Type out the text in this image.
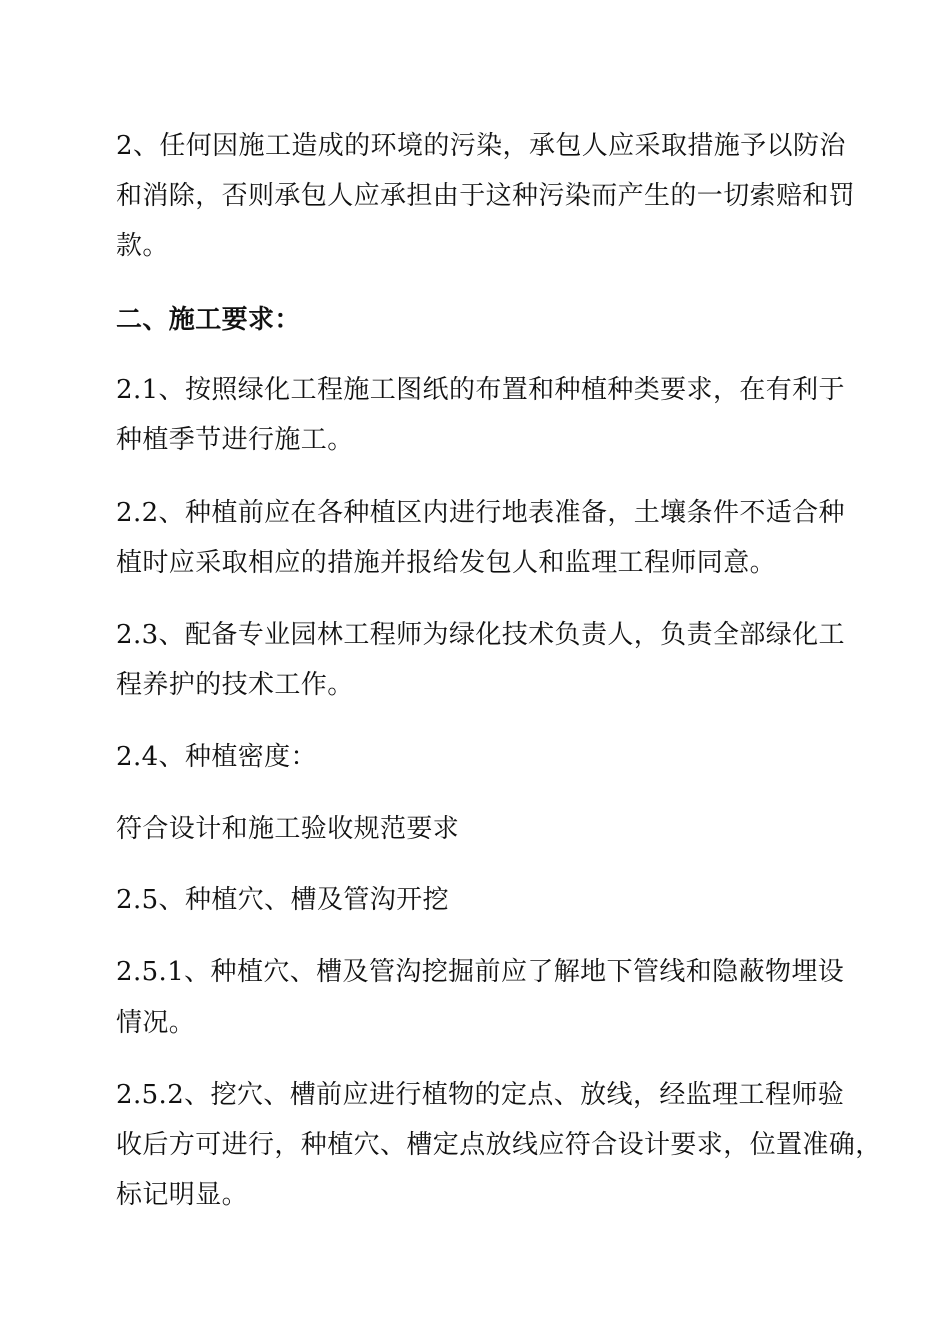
2、任何因施工造成的环境的污染，承包人应采取措施予以防治
和消除，否则承包人应承担由于这种污染而产生的一切索赔和罚
款。
二、施工要求：
2.1、按照绿化工程施工图纸的布置和种植种类要求，在有利于
种植季节进行施工。
2.2、种植前应在各种植区内进行地表准备，土壤条件不适合种
植时应采取相应的措施并报给发包人和监理工程师同意。
2.3、配备专业园林工程师为绿化技术负责人，负责全部绿化工
程养护的技术工作。
2.4、种植密度：
符合设计和施工验收规范要求
2.5、种植穴、槽及管沟开挖
2.5.1、种植穴、槽及管沟挖掘前应了解地下管线和隐蔽物埋设
情况。
2.5.2、挖穴、槽前应进行植物的定点、放线，经监理工程师验
收后方可进行，种植穴、槽定点放线应符合设计要求，位置准确，
标记明显。
